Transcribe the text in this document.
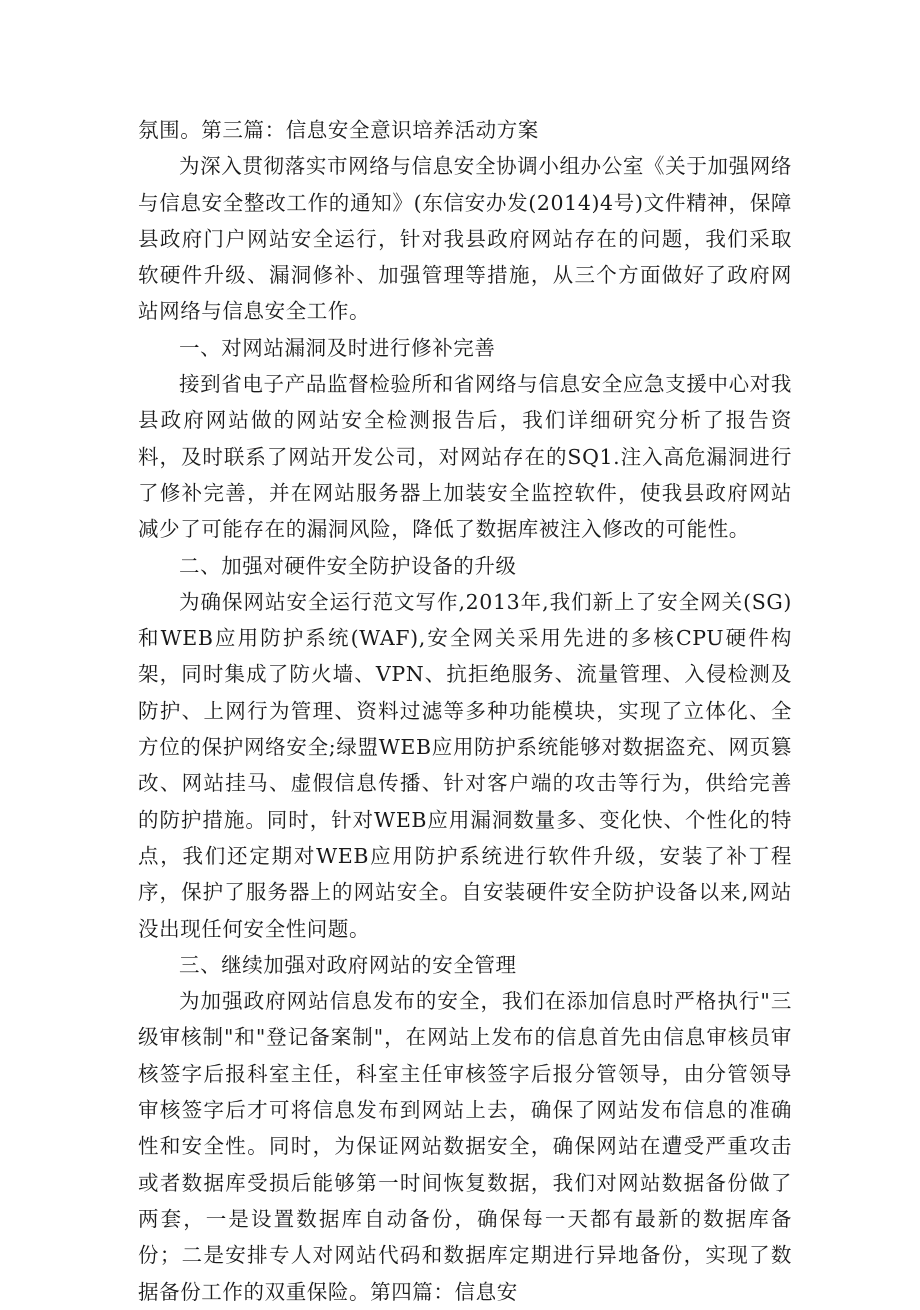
氛围。第三篇：信息安全意识培养活动方案

为深入贯彻落实市网络与信息安全协调小组办公室《关于加强网络与信息安全整改工作的通知》(东信安办发(2014)4号)文件精神，保障县政府门户网站安全运行，针对我县政府网站存在的问题，我们采取软硬件升级、漏洞修补、加强管理等措施，从三个方面做好了政府网站网络与信息安全工作。

一、对网站漏洞及时进行修补完善

接到省电子产品监督检验所和省网络与信息安全应急支援中心对我县政府网站做的网站安全检测报告后，我们详细研究分析了报告资料，及时联系了网站开发公司，对网站存在的SQ1.注入高危漏洞进行了修补完善，并在网站服务器上加装安全监控软件，使我县政府网站减少了可能存在的漏洞风险，降低了数据库被注入修改的可能性。

二、加强对硬件安全防护设备的升级

为确保网站安全运行范文写作,2013年,我们新上了安全网关(SG)和WEB应用防护系统(WAF),安全网关采用先进的多核CPU硬件构架，同时集成了防火墙、VPN、抗拒绝服务、流量管理、入侵检测及防护、上网行为管理、资料过滤等多种功能模块，实现了立体化、全方位的保护网络安全;绿盟WEB应用防护系统能够对数据盗充、网页篡改、网站挂马、虚假信息传播、针对客户端的攻击等行为，供给完善的防护措施。同时，针对WEB应用漏洞数量多、变化快、个性化的特点，我们还定期对WEB应用防护系统进行软件升级，安装了补丁程序，保护了服务器上的网站安全。自安装硬件安全防护设备以来,网站没出现任何安全性问题。

三、继续加强对政府网站的安全管理

为加强政府网站信息发布的安全，我们在添加信息时严格执行"三级审核制"和"登记备案制"，在网站上发布的信息首先由信息审核员审核签字后报科室主任，科室主任审核签字后报分管领导，由分管领导审核签字后才可将信息发布到网站上去，确保了网站发布信息的准确性和安全性。同时，为保证网站数据安全，确保网站在遭受严重攻击或者数据库受损后能够第一时间恢复数据，我们对网站数据备份做了两套，一是设置数据库自动备份，确保每一天都有最新的数据库备份；二是安排专人对网站代码和数据库定期进行异地备份，实现了数据备份工作的双重保险。第四篇：信息安
